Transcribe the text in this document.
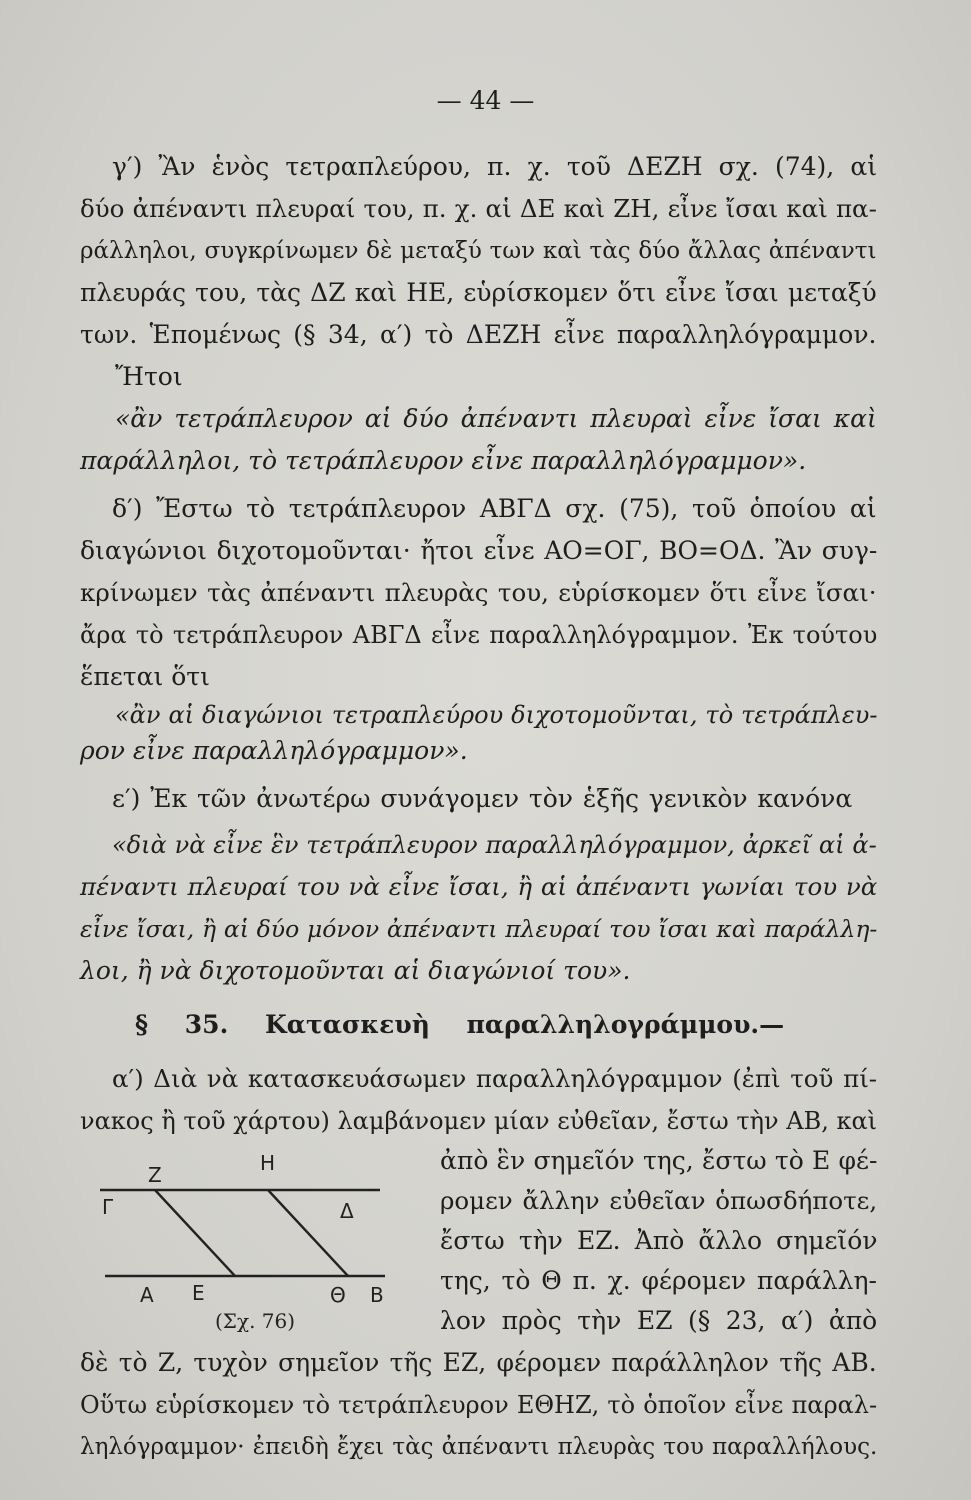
— 44 —
γ′) Ἂν ἑνὸς τετραπλεύρου, π. χ. τοῦ ΔΕΖΗ σχ. (74), αἱ
δύο ἀπέναντι πλευραί του, π. χ. αἱ ΔΕ καὶ ΖΗ, εἶνε ἴσαι καὶ πα-
ράλληλοι, συγκρίνωμεν δὲ μεταξύ των καὶ τὰς δύο ἄλλας ἀπέναντι
πλευράς του, τὰς ΔΖ καὶ ΗΕ, εὑρίσκομεν ὅτι εἶνε ἴσαι μεταξύ
των. Ἑπομένως (§ 34, α′) τὸ ΔΕΖΗ εἶνε παραλληλόγραμμον.
Ἤτοι
«ἂν τετράπλευρον αἱ δύο ἀπέναντι πλευραὶ εἶνε ἴσαι καὶ
παράλληλοι, τὸ τετράπλευρον εἶνε παραλληλόγραμμον».
δ′) Ἔστω τὸ τετράπλευρον ΑΒΓΔ σχ. (75), τοῦ ὁποίου αἱ
διαγώνιοι διχοτομοῦνται· ἤτοι εἶνε ΑΟ=ΟΓ, ΒΟ=ΟΔ. Ἂν συγ-
κρίνωμεν τὰς ἀπέναντι πλευρὰς του, εὑρίσκομεν ὅτι εἶνε ἴσαι·
ἄρα τὸ τετράπλευρον ΑΒΓΔ εἶνε παραλληλόγραμμον. Ἐκ τούτου
ἕπεται ὅτι
«ἂν αἱ διαγώνιοι τετραπλεύρου διχοτομοῦνται, τὸ τετράπλευ-
ρον εἶνε παραλληλόγραμμον».
ε′) Ἐκ τῶν ἀνωτέρω συνάγομεν τὸν ἑξῆς γενικὸν κανόνα
«διὰ νὰ εἶνε ἓν τετράπλευρον παραλληλόγραμμον, ἀρκεῖ αἱ ἀ-
πέναντι πλευραί του νὰ εἶνε ἴσαι, ἢ αἱ ἀπέναντι γωνίαι του νὰ
εἶνε ἴσαι, ἢ αἱ δύο μόνον ἀπέναντι πλευραί του ἴσαι καὶ παράλλη-
λοι, ἢ νὰ διχοτομοῦνται αἱ διαγώνιοί του».
§ 35. Κατασκευὴ παραλληλογράμμου.—
α′) Διὰ νὰ κατασκευάσωμεν παραλληλόγραμμον (ἐπὶ τοῦ πί-
νακος ἢ τοῦ χάρτου) λαμβάνομεν μίαν εὐθεῖαν, ἔστω τὴν ΑΒ, καὶ
ἀπὸ ἓν σημεῖόν της, ἔστω τὸ Ε φέ-
ρομεν ἄλλην εὐθεῖαν ὁπωσδήποτε,
ἔστω τὴν ΕΖ. Ἀπὸ ἄλλο σημεῖόν
της, τὸ Θ π. χ. φέρομεν παράλλη-
λον πρὸς τὴν ΕΖ (§ 23, α′) ἀπὸ
δὲ τὸ Ζ, τυχὸν σημεῖον τῆς ΕΖ, φέρομεν παράλληλον τῆς ΑΒ.
Οὕτω εὑρίσκομεν τὸ τετράπλευρον ΕΘΗΖ, τὸ ὁποῖον εἶνε παραλ-
ληλόγραμμον· ἐπειδὴ ἔχει τὰς ἀπέναντι πλευρὰς του παραλλήλους.
Ζ	Η
Γ	Δ
Α Ε	Θ Β
(Σχ. 76)
